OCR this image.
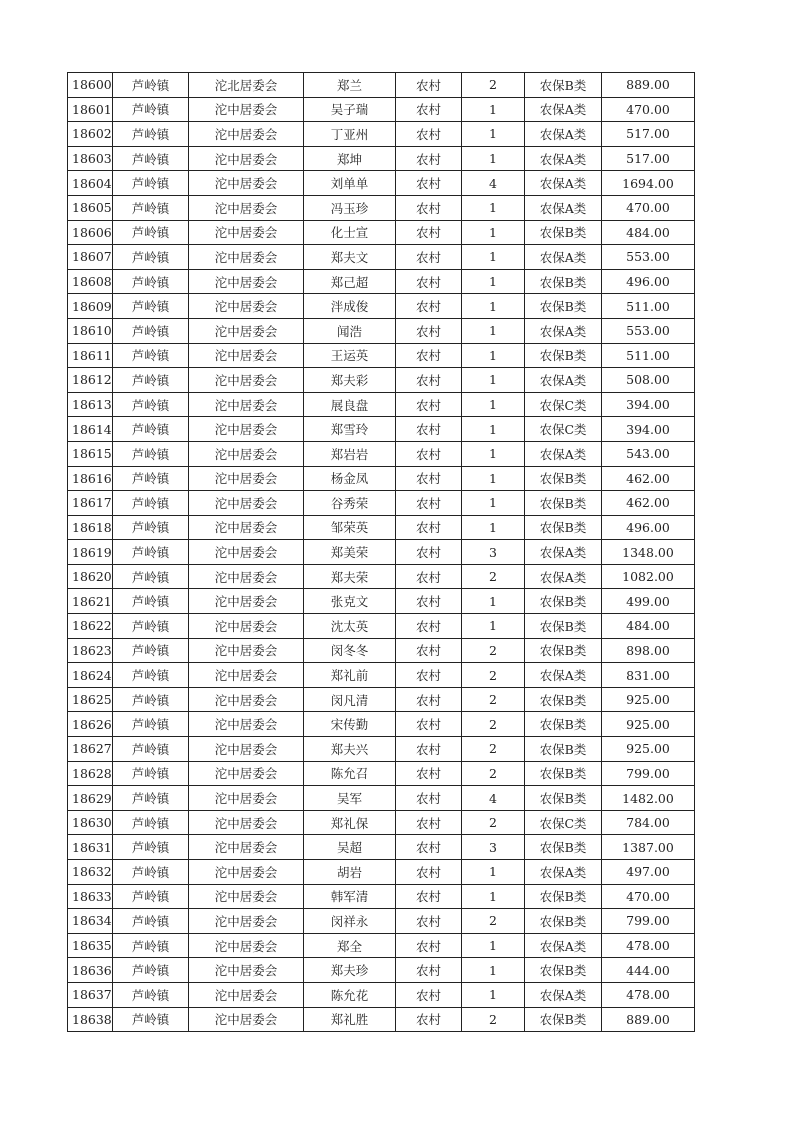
18600	芦岭镇	沱北居委会	郑兰	农村	2	农保B类	889.00
18601	芦岭镇	沱中居委会	吴子瑞	农村	1	农保A类	470.00
18602	芦岭镇	沱中居委会	丁亚州	农村	1	农保A类	517.00
18603	芦岭镇	沱中居委会	郑坤	农村	1	农保A类	517.00
18604	芦岭镇	沱中居委会	刘单单	农村	4	农保A类	1694.00
18605	芦岭镇	沱中居委会	冯玉珍	农村	1	农保A类	470.00
18606	芦岭镇	沱中居委会	化士宣	农村	1	农保B类	484.00
18607	芦岭镇	沱中居委会	郑夫文	农村	1	农保A类	553.00
18608	芦岭镇	沱中居委会	郑己超	农村	1	农保B类	496.00
18609	芦岭镇	沱中居委会	泮成俊	农村	1	农保B类	511.00
18610	芦岭镇	沱中居委会	闻浩	农村	1	农保A类	553.00
18611	芦岭镇	沱中居委会	王运英	农村	1	农保B类	511.00
18612	芦岭镇	沱中居委会	郑夫彩	农村	1	农保A类	508.00
18613	芦岭镇	沱中居委会	展良盘	农村	1	农保C类	394.00
18614	芦岭镇	沱中居委会	郑雪玲	农村	1	农保C类	394.00
18615	芦岭镇	沱中居委会	郑岩岩	农村	1	农保A类	543.00
18616	芦岭镇	沱中居委会	杨金凤	农村	1	农保B类	462.00
18617	芦岭镇	沱中居委会	谷秀荣	农村	1	农保B类	462.00
18618	芦岭镇	沱中居委会	邹荣英	农村	1	农保B类	496.00
18619	芦岭镇	沱中居委会	郑美荣	农村	3	农保A类	1348.00
18620	芦岭镇	沱中居委会	郑夫荣	农村	2	农保A类	1082.00
18621	芦岭镇	沱中居委会	张克文	农村	1	农保B类	499.00
18622	芦岭镇	沱中居委会	沈太英	农村	1	农保B类	484.00
18623	芦岭镇	沱中居委会	闵冬冬	农村	2	农保B类	898.00
18624	芦岭镇	沱中居委会	郑礼前	农村	2	农保A类	831.00
18625	芦岭镇	沱中居委会	闵凡清	农村	2	农保B类	925.00
18626	芦岭镇	沱中居委会	宋传勤	农村	2	农保B类	925.00
18627	芦岭镇	沱中居委会	郑夫兴	农村	2	农保B类	925.00
18628	芦岭镇	沱中居委会	陈允召	农村	2	农保B类	799.00
18629	芦岭镇	沱中居委会	吴军	农村	4	农保B类	1482.00
18630	芦岭镇	沱中居委会	郑礼保	农村	2	农保C类	784.00
18631	芦岭镇	沱中居委会	吴超	农村	3	农保B类	1387.00
18632	芦岭镇	沱中居委会	胡岩	农村	1	农保A类	497.00
18633	芦岭镇	沱中居委会	韩军清	农村	1	农保B类	470.00
18634	芦岭镇	沱中居委会	闵祥永	农村	2	农保B类	799.00
18635	芦岭镇	沱中居委会	郑全	农村	1	农保A类	478.00
18636	芦岭镇	沱中居委会	郑夫珍	农村	1	农保B类	444.00
18637	芦岭镇	沱中居委会	陈允花	农村	1	农保A类	478.00
18638	芦岭镇	沱中居委会	郑礼胜	农村	2	农保B类	889.00
